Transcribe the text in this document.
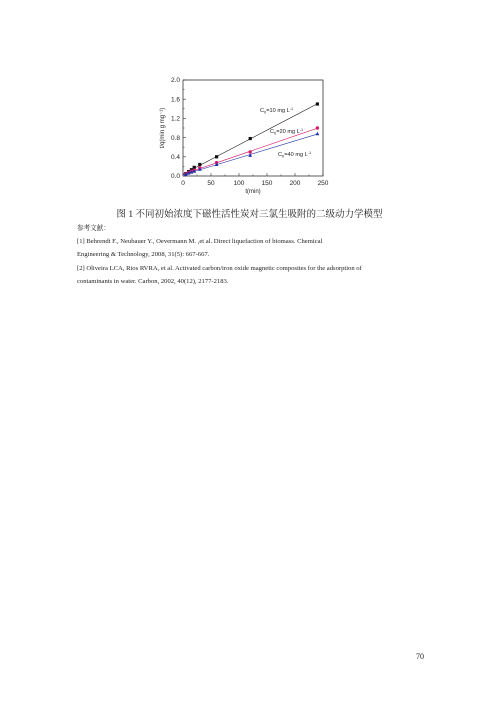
0	50	100	150	200	250
0.0
0.4
0.8
1.2
1.6
2.0
t(min)
t/q(min g mg⁻¹)	$C_0=10$ mg $L^{-1}$
$C_0=20$ mg $L^{-1}$
$C_0=40$ mg $L^{-1}$
图 1 不同初始浓度下磁性活性炭对三氯生吸附的二级动力学模型
参考文献：
[1] Behrendt F., Neubauer Y., Oevermann M. ,et al. Direct liquefaction of biomass. Chemical
Engineering & Technology, 2008, 31(5): 667-667.
[2] Oliveira LCA, Rios RVRA, et al. Activated carbon/iron oxide magnetic composites for the adsorption of
contaminants in water. Carbon, 2002, 40(12), 2177-2183.
70
